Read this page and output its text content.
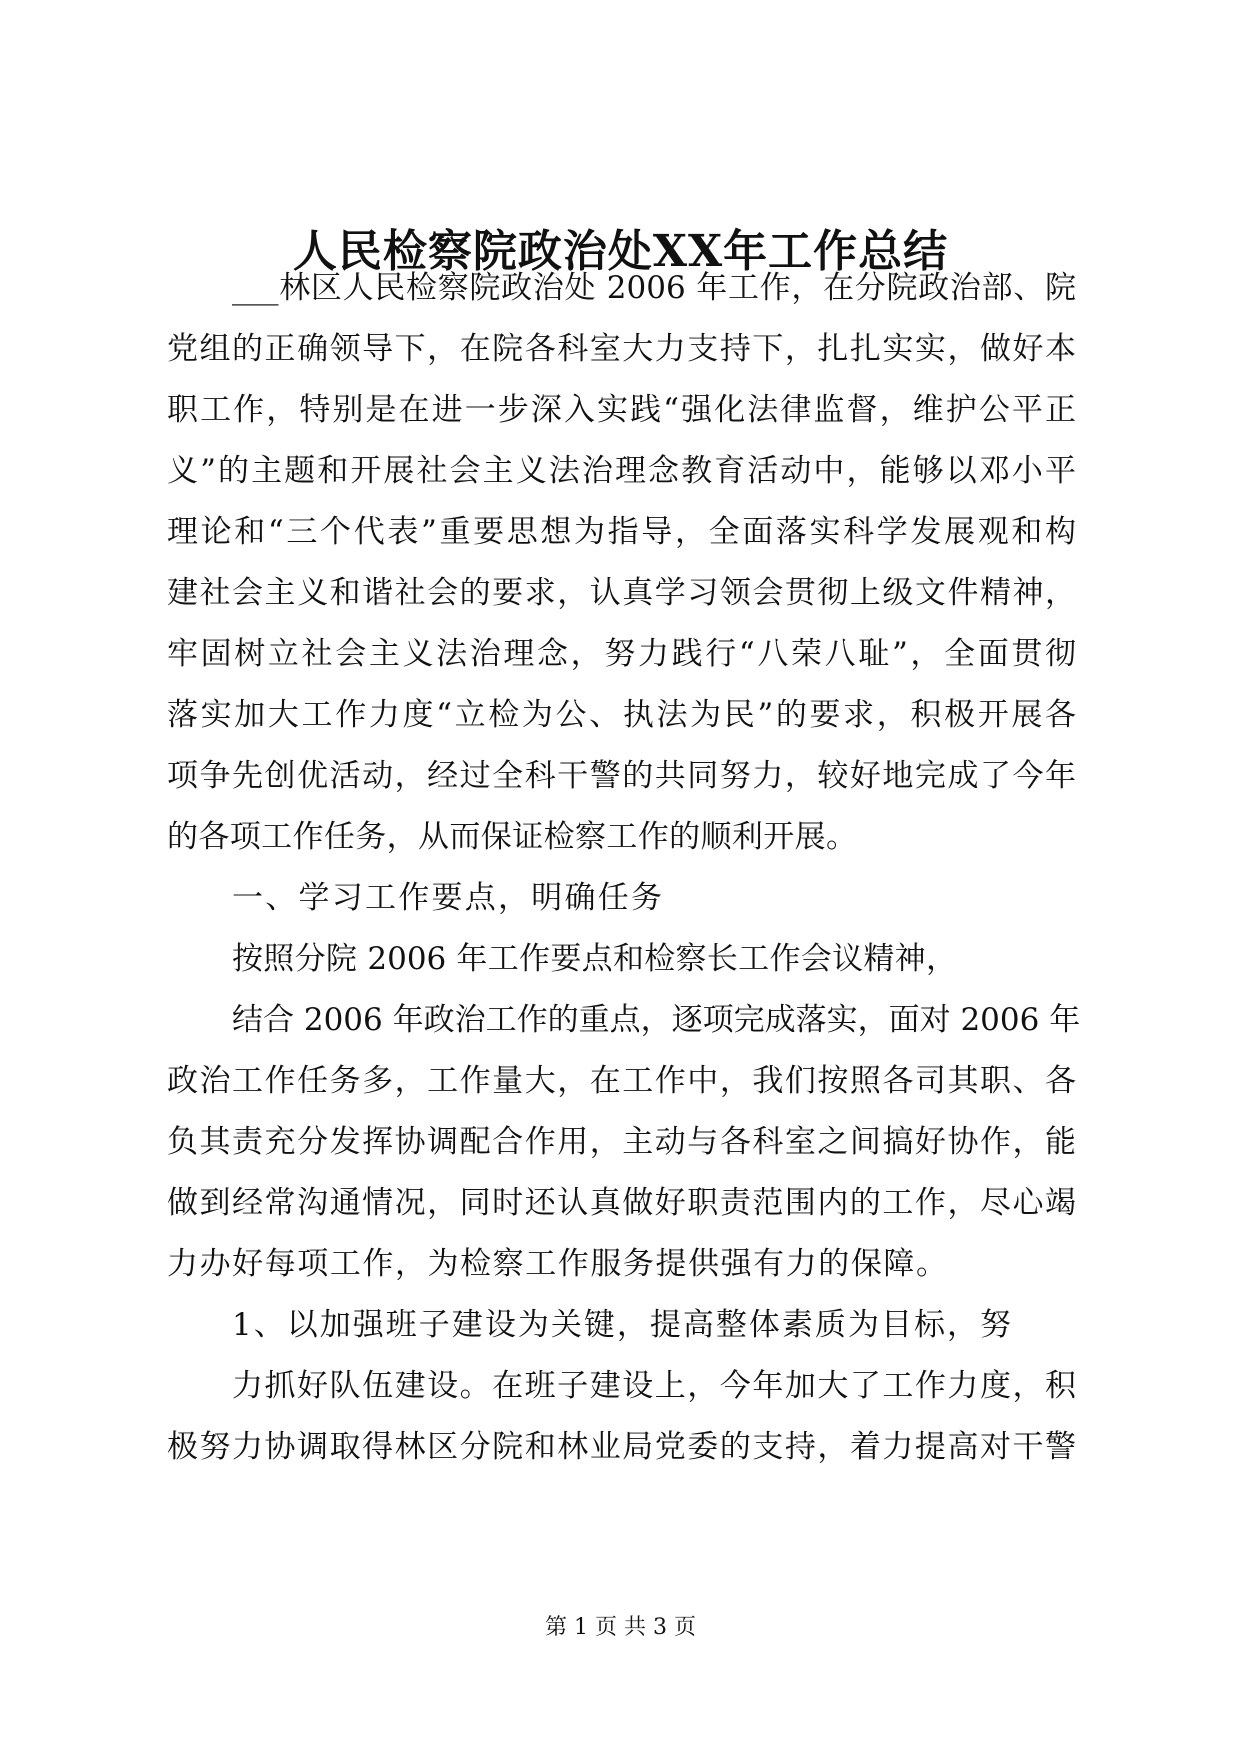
人民检察院政治处XX年工作总结
___林区人民检察院政治处 2006 年工作，在分院政治部、院
党组的正确领导下，在院各科室大力支持下，扎扎实实，做好本
职工作，特别是在进一步深入实践“强化法律监督，维护公平正
义”的主题和开展社会主义法治理念教育活动中，能够以邓小平
理论和“三个代表”重要思想为指导，全面落实科学发展观和构
建社会主义和谐社会的要求，认真学习领会贯彻上级文件精神，
牢固树立社会主义法治理念，努力践行“八荣八耻”，全面贯彻
落实加大工作力度“立检为公、执法为民”的要求，积极开展各
项争先创优活动，经过全科干警的共同努力，较好地完成了今年
的各项工作任务，从而保证检察工作的顺利开展。
一、学习工作要点，明确任务
按照分院 2006 年工作要点和检察长工作会议精神，
结合 2006 年政治工作的重点，逐项完成落实，面对 2006 年
政治工作任务多，工作量大，在工作中，我们按照各司其职、各
负其责充分发挥协调配合作用，主动与各科室之间搞好协作，能
做到经常沟通情况，同时还认真做好职责范围内的工作，尽心竭
力办好每项工作，为检察工作服务提供强有力的保障。
1、以加强班子建设为关键，提高整体素质为目标，努
力抓好队伍建设。在班子建设上，今年加大了工作力度，积
极努力协调取得林区分院和林业局党委的支持，着力提高对干警
第 1 页 共 3 页
